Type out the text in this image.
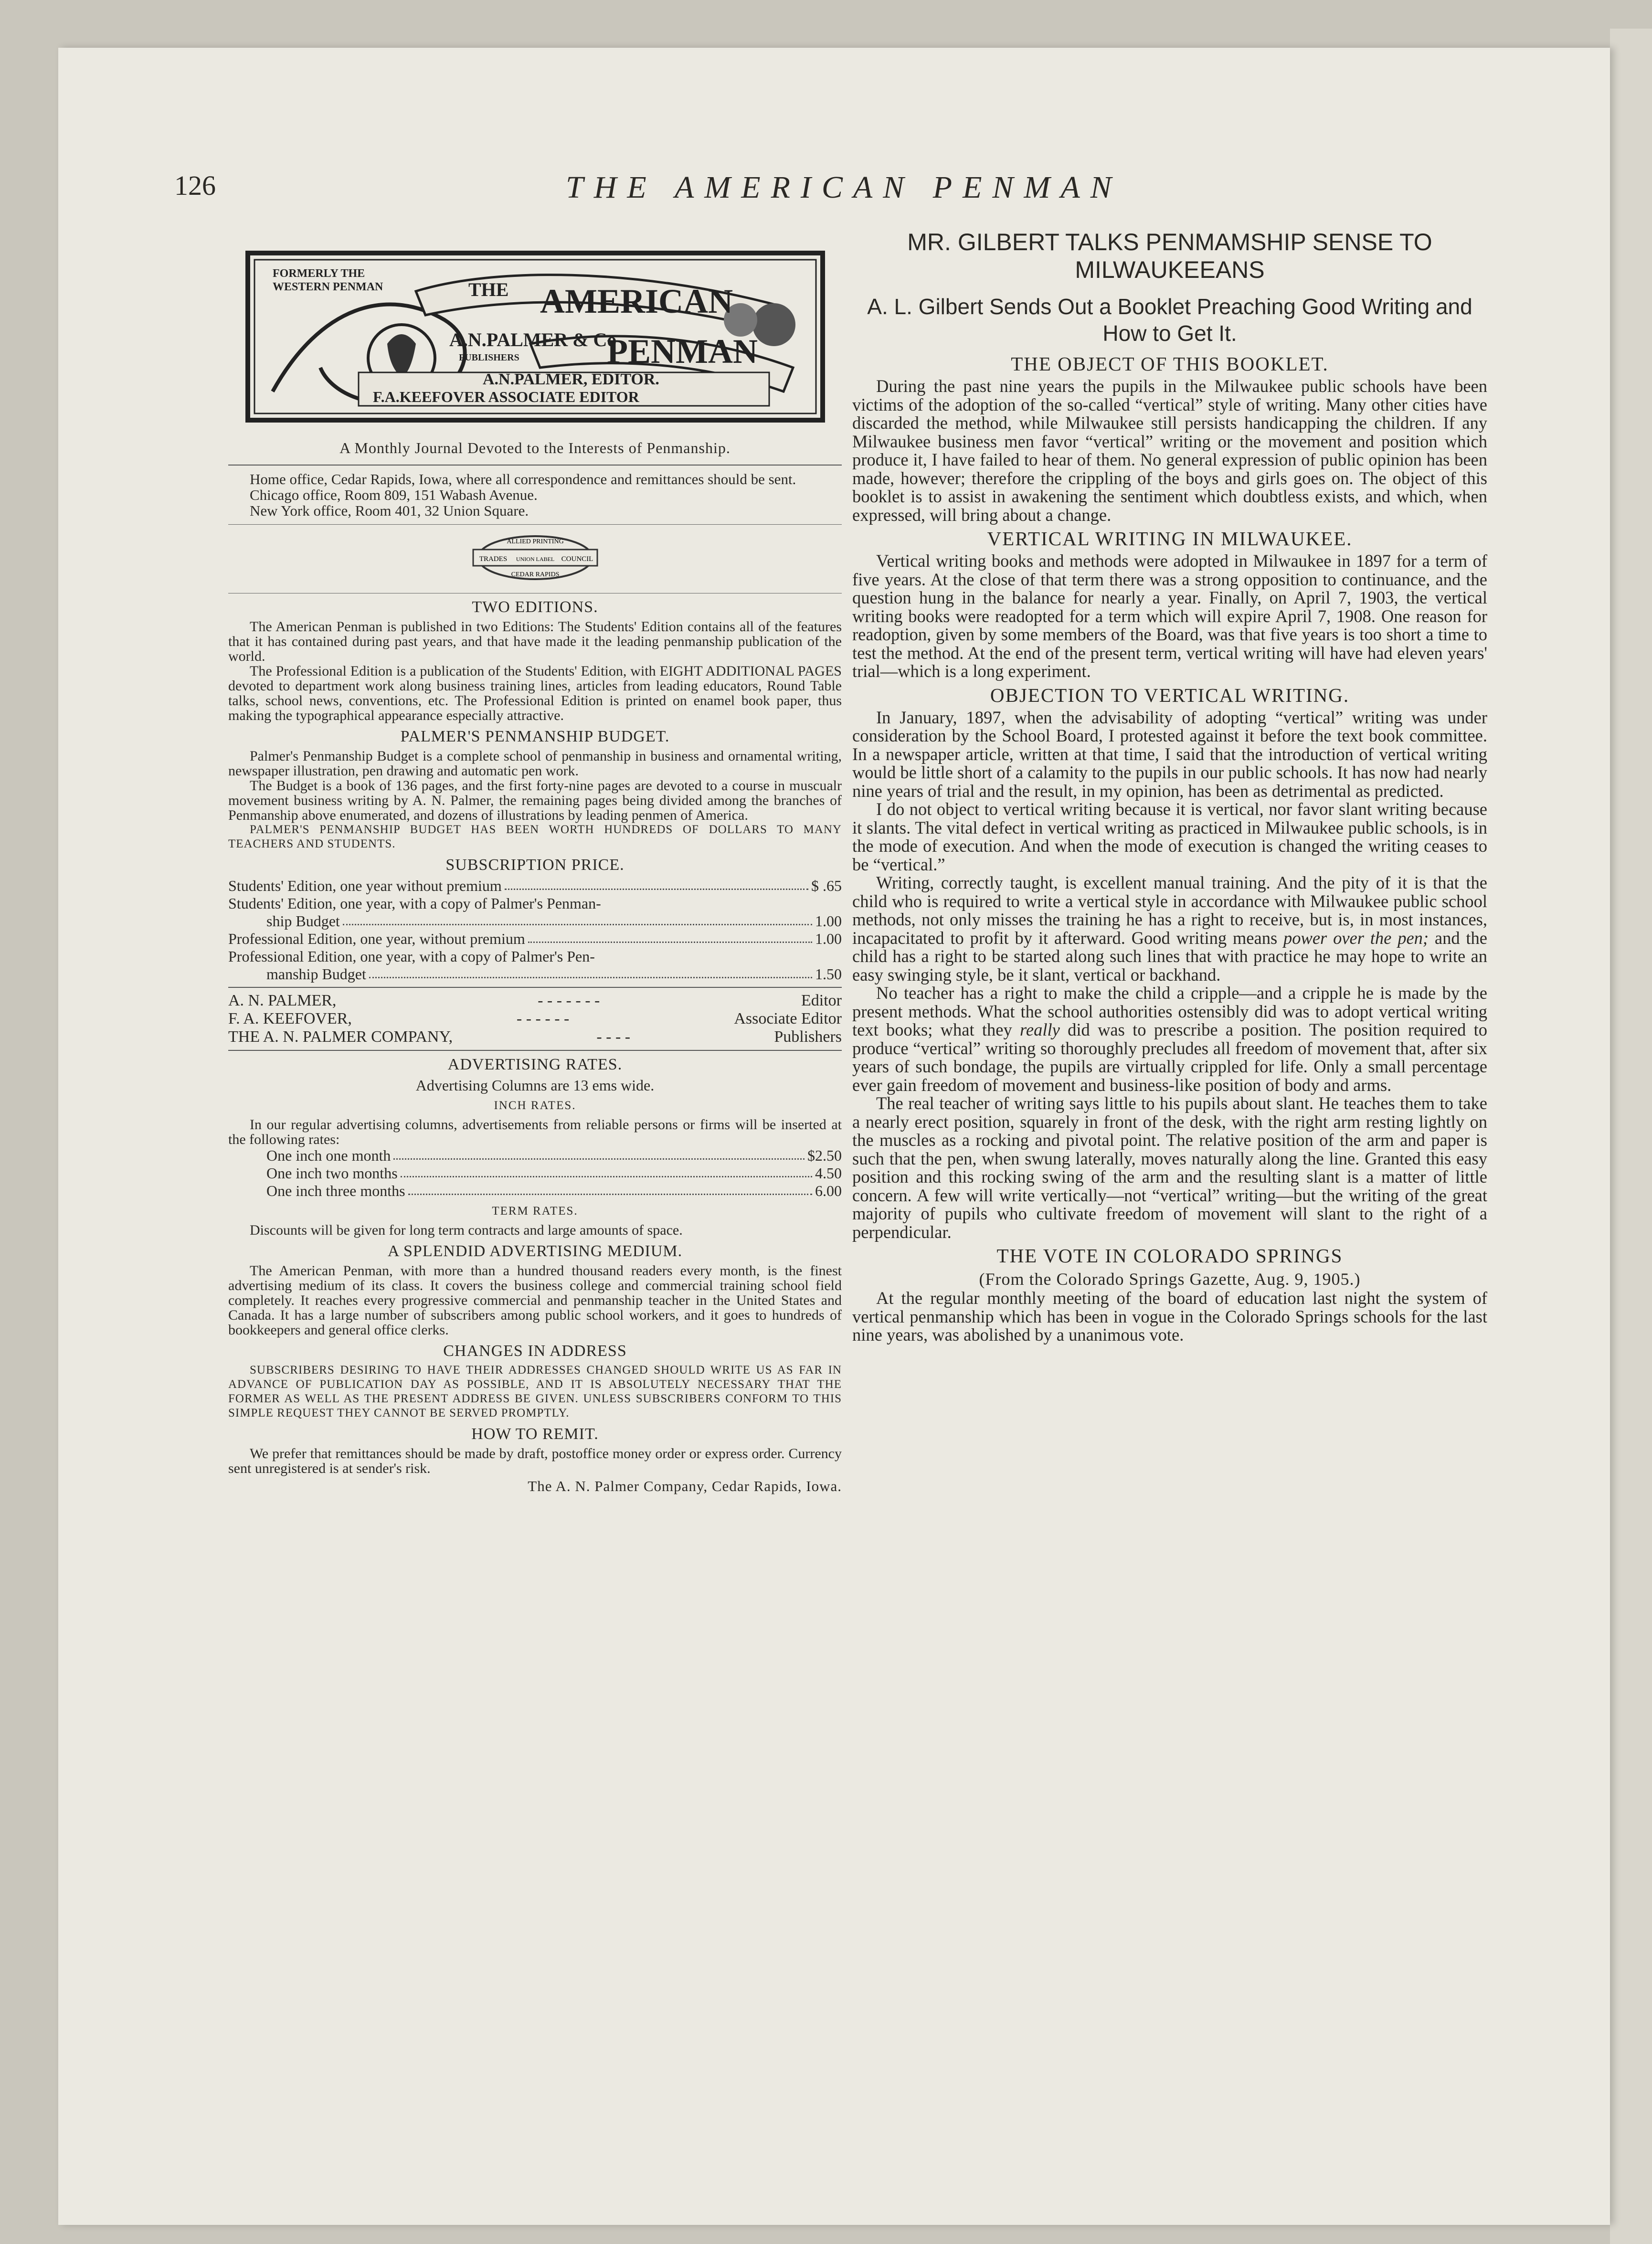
126	THE AMERICAN PENMAN
FORMERLY THE
WESTERN PENMAN	THE AMERICAN
PENMAN
A.N.PALMER & Co
PUBLISHERS
A.N.PALMER, EDITOR.
F.A.KEEFOVER ASSOCIATE EDITOR
A Monthly Journal Devoted to the Interests of Penmanship.
Home office, Cedar Rapids, Iowa, where all correspondence and remittances should be sent.
Chicago office, Room 809, 151 Wabash Avenue.
New York office, Room 401, 32 Union Square.
ALLIED PRINTING
TRADES UNION LABEL COUNCIL
CEDAR RAPIDS
TWO EDITIONS.

The American Penman is published in two Editions: The Students' Edition contains all of the features that it has contained during past years, and that have made it the leading penmanship publication of the world.

The Professional Edition is a publication of the Students' Edition, with EIGHT ADDITIONAL PAGES devoted to department work along business training lines, articles from leading educators, Round Table talks, school news, conventions, etc. The Professional Edition is printed on enamel book paper, thus making the typographical appearance especially attractive.

PALMER'S PENMANSHIP BUDGET.

Palmer's Penmanship Budget is a complete school of penmanship in business and ornamental writing, newspaper illustration, pen drawing and automatic pen work.

The Budget is a book of 136 pages, and the first forty-nine pages are devoted to a course in muscualr movement business writing by A. N. Palmer, the remaining pages being divided among the branches of Penmanship above enumerated, and dozens of illustrations by leading penmen of America.

PALMER'S PENMANSHIP BUDGET HAS BEEN WORTH HUNDREDS OF DOLLARS TO MANY TEACHERS AND STUDENTS.

SUBSCRIPTION PRICE.
Students' Edition, one year without premium	$ .65
Students' Edition, one year, with a copy of Palmer's Penman-
ship Budget	1.00
Professional Edition, one year, without premium	1.00
Professional Edition, one year, with a copy of Palmer's Pen-
manship Budget	1.50
A. N. PALMER,	- - - - - - -	Editor
F. A. KEEFOVER,	- - - - - -	Associate Editor
THE A. N. PALMER COMPANY,	- - - -	Publishers
ADVERTISING RATES.
Advertising Columns are 13 ems wide.
INCH RATES.

In our regular advertising columns, advertisements from reliable persons or firms will be inserted at the following rates:

One inch one month	$2.50
One inch two months	4.50
One inch three months	6.00
TERM RATES.

Discounts will be given for long term contracts and large amounts of space.

A SPLENDID ADVERTISING MEDIUM.

The American Penman, with more than a hundred thousand readers every month, is the finest advertising medium of its class. It covers the business college and commercial training school field completely. It reaches every progressive commercial and penmanship teacher in the United States and Canada. It has a large number of subscribers among public school workers, and it goes to hundreds of bookkeepers and general office clerks.

CHANGES IN ADDRESS

SUBSCRIBERS DESIRING TO HAVE THEIR ADDRESSES CHANGED SHOULD WRITE US AS FAR IN ADVANCE OF PUBLICATION DAY AS POSSIBLE, AND IT IS ABSOLUTELY NECESSARY THAT THE FORMER AS WELL AS THE PRESENT ADDRESS BE GIVEN. UNLESS SUBSCRIBERS CONFORM TO THIS SIMPLE REQUEST THEY CANNOT BE SERVED PROMPTLY.

HOW TO REMIT.

We prefer that remittances should be made by draft, postoffice money order or express order. Currency sent unregistered is at sender's risk.

The A. N. Palmer Company, Cedar Rapids, Iowa.
MR. GILBERT TALKS PENMAMSHIP SENSE TO MILWAUKEEANS
A. L. Gilbert Sends Out a Booklet Preaching Good Writing and How to Get It.
THE OBJECT OF THIS BOOKLET.

During the past nine years the pupils in the Milwaukee public schools have been victims of the adoption of the so-called “vertical” style of writing. Many other cities have discarded the method, while Milwaukee still persists handicapping the children. If any Milwaukee business men favor “vertical” writing or the movement and position which produce it, I have failed to hear of them. No general expression of public opinion has been made, however; therefore the crippling of the boys and girls goes on. The object of this booklet is to assist in awakening the sentiment which doubtless exists, and which, when expressed, will bring about a change.

VERTICAL WRITING IN MILWAUKEE.

Vertical writing books and methods were adopted in Milwaukee in 1897 for a term of five years. At the close of that term there was a strong opposition to continuance, and the question hung in the balance for nearly a year. Finally, on April 7, 1903, the vertical writing books were readopted for a term which will expire April 7, 1908. One reason for readoption, given by some members of the Board, was that five years is too short a time to test the method. At the end of the present term, vertical writing will have had eleven years' trial—which is a long experiment.

OBJECTION TO VERTICAL WRITING.

In January, 1897, when the advisability of adopting “vertical” writing was under consideration by the School Board, I protested against it before the text book committee. In a newspaper article, written at that time, I said that the introduction of vertical writing would be little short of a calamity to the pupils in our public schools. It has now had nearly nine years of trial and the result, in my opinion, has been as detrimental as predicted.

I do not object to vertical writing because it is vertical, nor favor slant writing because it slants. The vital defect in vertical writing as practiced in Milwaukee public schools, is in the mode of execution. And when the mode of execution is changed the writing ceases to be “vertical.”

Writing, correctly taught, is excellent manual training. And the pity of it is that the child who is required to write a vertical style in accordance with Milwaukee public school methods, not only misses the training he has a right to receive, but is, in most instances, incapacitated to profit by it afterward. Good writing means power over the pen; and the child has a right to be started along such lines that with practice he may hope to write an easy swinging style, be it slant, vertical or backhand.

No teacher has a right to make the child a cripple—and a cripple he is made by the present methods. What the school authorities ostensibly did was to adopt vertical writing text books; what they really did was to prescribe a position. The position required to produce “vertical” writing so thoroughly precludes all freedom of movement that, after six years of such bondage, the pupils are virtually crippled for life. Only a small percentage ever gain freedom of movement and business-like position of body and arms.

The real teacher of writing says little to his pupils about slant. He teaches them to take a nearly erect position, squarely in front of the desk, with the right arm resting lightly on the muscles as a rocking and pivotal point. The relative position of the arm and paper is such that the pen, when swung laterally, moves naturally along the line. Granted this easy position and this rocking swing of the arm and the resulting slant is a matter of little concern. A few will write vertically—not “vertical” writing—but the writing of the great majority of pupils who cultivate freedom of movement will slant to the right of a perpendicular.

THE VOTE IN COLORADO SPRINGS
(From the Colorado Springs Gazette, Aug. 9, 1905.)

At the regular monthly meeting of the board of education last night the system of vertical penmanship which has been in vogue in the Colorado Springs schools for the last nine years, was abolished by a unanimous vote.
